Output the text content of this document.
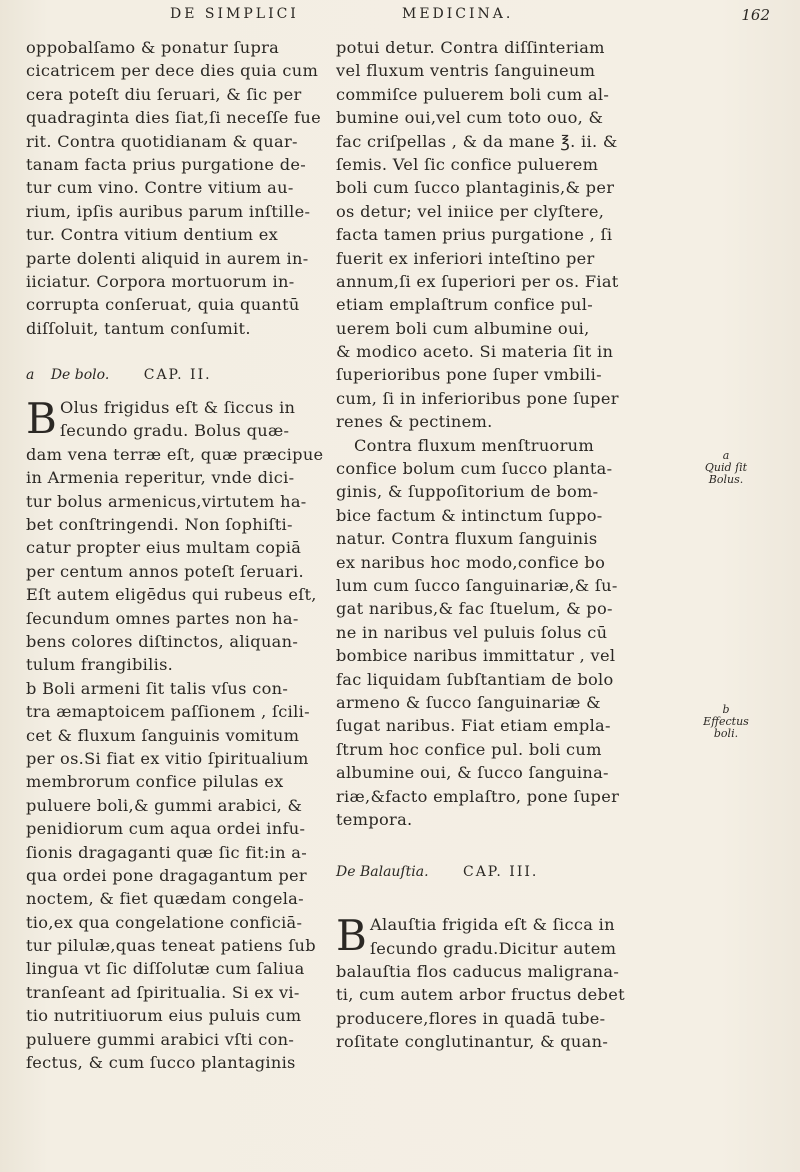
DE SIMPLICI	MEDICINA.	162
oppobalſamo & ponatur ſupra
cicatricem per dece dies quia cum
cera poteſt diu ſeruari, & ſic per
quadraginta dies ſiat,ſi neceſſe fue
rit. Contra quotidianam & quar-
tanam facta prius purgatione de-
tur cum vino. Contre vitium au-
rium, ipſis auribus parum inſtille-
tur. Contra vitium dentium ex
parte dolenti aliquid in aurem in-
iiciatur. Corpora mortuorum in-
corrupta conſeruat, quia quantū
diſſoluit, tantum conſumit.
a De bolo. CAP. II.
B Olus frigidus eſt & ſiccus in
ſecundo gradu. Bolus quæ-
dam vena terræ eſt, quæ præcipue
in Armenia reperitur, vnde dici-
tur bolus armenicus,virtutem ha-
bet conſtringendi. Non ſophiſti-
catur propter eius multam copiā
per centum annos poteſt ſeruari.
Eſt autem eligēdus qui rubeus eſt,
ſecundum omnes partes non ha-
bens colores diſtinctos, aliquan-
tulum frangibilis.
b Boli armeni ſit talis vſus con-
tra æmaptoicem paſſionem , ſcili-
cet & fluxum ſanguinis vomitum
per os.Si fiat ex vitio ſpiritualium
membrorum confice pilulas ex
puluere boli,& gummi arabici, &
penidiorum cum aqua ordei infu-
ſionis dragaganti quæ ſic fit:in a-
qua ordei pone dragagantum per
noctem, & fiet quædam congela-
tio,ex qua congelatione conficiā-
tur pilulæ,quas teneat patiens ſub
lingua vt ſic diſſolutæ cum ſaliua
tranſeant ad ſpiritualia. Si ex vi-
tio nutritiuorum eius puluis cum
puluere gummi arabici vſti con-
fectus, & cum ſucco plantaginis
potui detur. Contra diſſinteriam
vel fluxum ventris ſanguineum
commiſce puluerem boli cum al-
bumine oui,vel cum toto ouo, &
fac criſpellas , & da mane ℥. ii. &
ſemis. Vel ſic confice puluerem
boli cum ſucco plantaginis,& per
os detur; vel iniice per clyſtere,
facta tamen prius purgatione , ſi
fuerit ex inferiori inteſtino per
annum,ſi ex ſuperiori per os. Fiat
etiam emplaſtrum confice pul-
uerem boli cum albumine oui,
& modico aceto. Si materia ſit in
ſuperioribus pone ſuper vmbili-
cum, ſi in inferioribus pone ſuper
renes & pectinem.
Contra fluxum menſtruorum
confice bolum cum ſucco planta-
ginis, & ſuppoſitorium de bom-
bice factum & intinctum ſuppo-
natur. Contra fluxum ſanguinis
ex naribus hoc modo,confice bo
lum cum ſucco ſanguinariæ,& ſu-
gat naribus,& fac ſtuelum, & po-
ne in naribus vel puluis ſolus cū
bombice naribus immittatur , vel
fac liquidam ſubſtantiam de bolo
armeno & ſucco ſanguinariæ &
ſugat naribus. Fiat etiam empla-
ſtrum hoc confice pul. boli cum
albumine oui, & ſucco ſanguina-
riæ,&facto emplaſtro, pone ſuper
tempora.
De Balauſtia. CAP. III.
B Alauſtia frigida eſt & ſicca in
ſecundo gradu.Dicitur autem
balauſtia flos caducus maligrana-
ti, cum autem arbor fructus debet
producere,flores in quadā tube-
roſitate conglutinantur, & quan-
a
Quid ſit Bolus.
b
Effectus boli.
